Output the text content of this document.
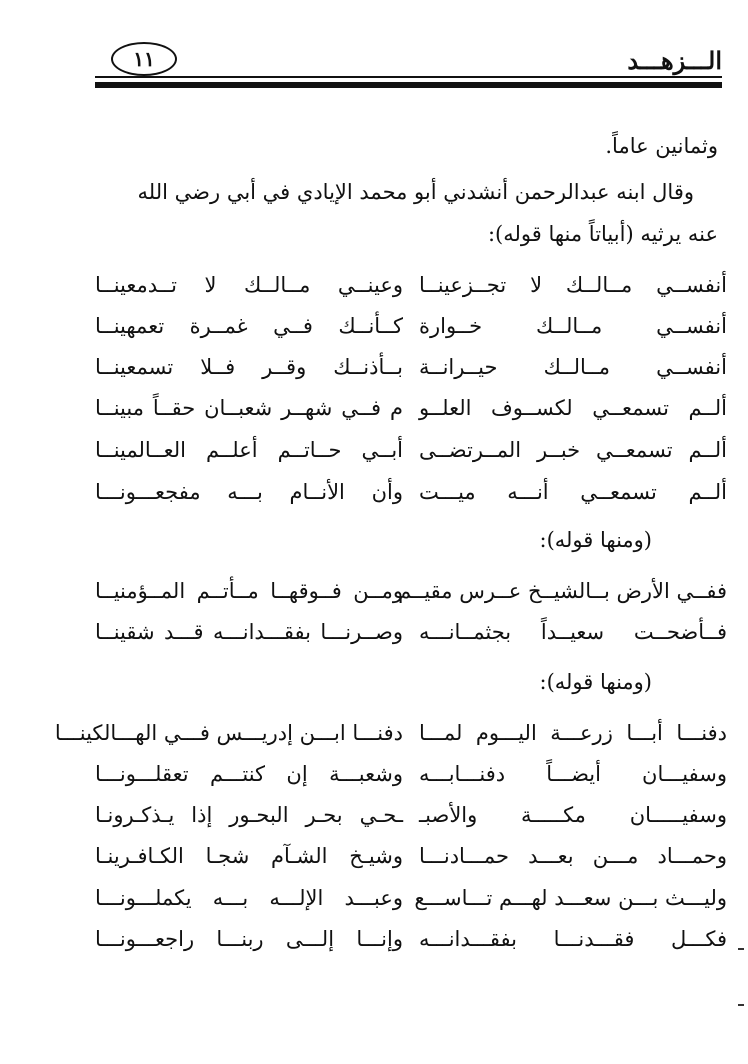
١١	الـــزهـــد
وثمانين عاماً.
وقال ابنه عبدالرحمن أنشدني أبو محمد الإيادي في أبي رضي الله
عنه يرثيه (أبياتاً منها قوله):
أنفســي مــالــك لا تجــزعينــا
وعينــي مــالــك لا تــدمعينــا
أنفســي مــالــك خــوارة
كــأنــك فــي غمــرة تعمهينــا
أنفســي مــالــك حيــرانــة
بــأذنــك وقــر فــلا تسمعينــا
ألــم تسمعــي لكســوف العلــو
م فــي شهــر شعبــان حقــاً مبينــا
ألــم تسمعــي خبــر المــرتضــى
أبــي حــاتــم أعلــم العــالمينــا
ألــم تسمعــي أنـــه ميـــت
وأن الأنــام بـــه مفجعـــونـــا
(ومنها قوله):
ففــي الأرض بــالشيــخ عــرس مقيــم
ومــن فــوقهــا مــأتــم المــؤمنيــا
فــأضحــت سعيــداً بجثمــانـــه
وصــرنـــا بفقـــدانـــه قـــد شقينــا
(ومنها قوله):
دفنـــا أبـــا زرعـــة اليـــوم لمـــا
دفنـــا ابـــن إدريـــس فـــي الهـــالكينـــا
وسفيـــان أيضـــاً دفنـــابـــه
وشعبـــة إن كنتـــم تعقلـــونـــا
وسفيـــــان مكـــــة والأصبـ
ـحـي بحـر البحـور إذا يـذكـرونـا
وحمـــاد مـــن بعـــد حمـــادنـــا
وشيـخ الشـآم شجـا الكـافـرينـا
وليـــث بـــن سعـــد لهـــم تـــاســـع
وعبـــد الإلـــه بـــه يكملـــونـــا
فكـــل فقـــدنـــا بفقـــدانـــه
وإنـــا إلـــى ربنـــا راجعـــونـــا
